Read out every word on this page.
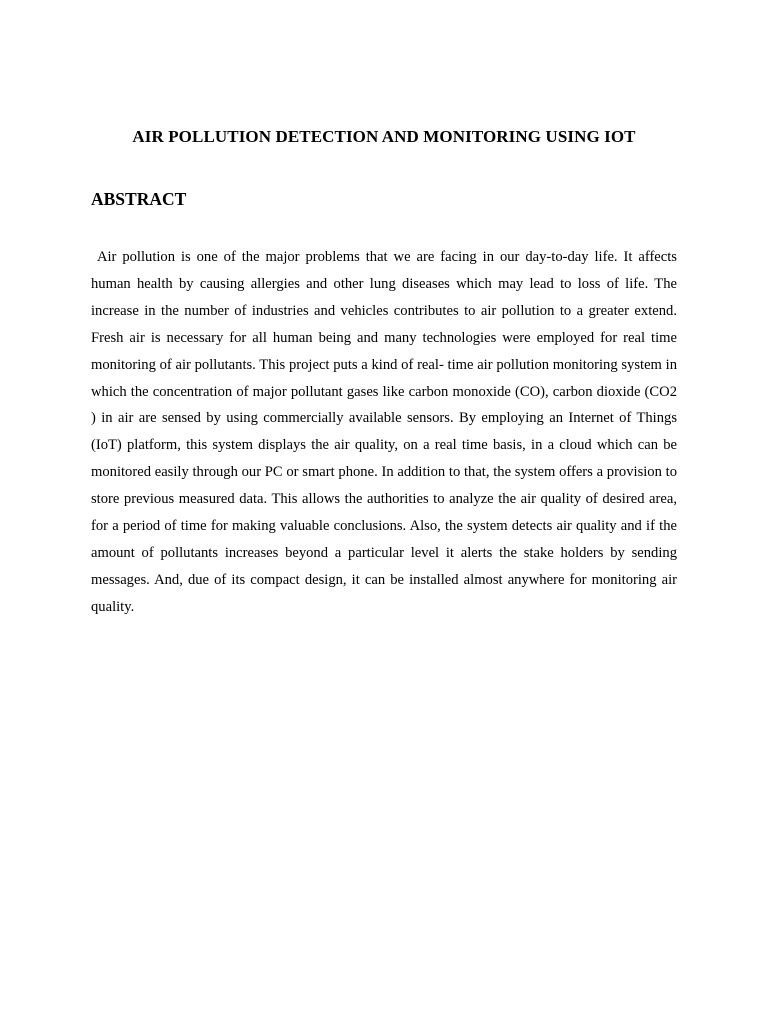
AIR POLLUTION DETECTION AND MONITORING USING IOT
ABSTRACT

Air pollution is one of the major problems that we are facing in our day-to-day life. It affects human health by causing allergies and other lung diseases which may lead to loss of life. The increase in the number of industries and vehicles contributes to air pollution to a greater extend. Fresh air is necessary for all human being and many technologies were employed for real time monitoring of air pollutants. This project puts a kind of real- time air pollution monitoring system in which the concentration of major pollutant gases like carbon monoxide (CO), carbon dioxide (CO2 ) in air are sensed by using commercially available sensors. By employing an Internet of Things (IoT) platform, this system displays the air quality, on a real time basis, in a cloud which can be monitored easily through our PC or smart phone. In addition to that, the system offers a provision to store previous measured data. This allows the authorities to analyze the air quality of desired area, for a period of time for making valuable conclusions. Also, the system detects air quality and if the amount of pollutants increases beyond a particular level it alerts the stake holders by sending messages. And, due of its compact design, it can be installed almost anywhere for monitoring air quality.
